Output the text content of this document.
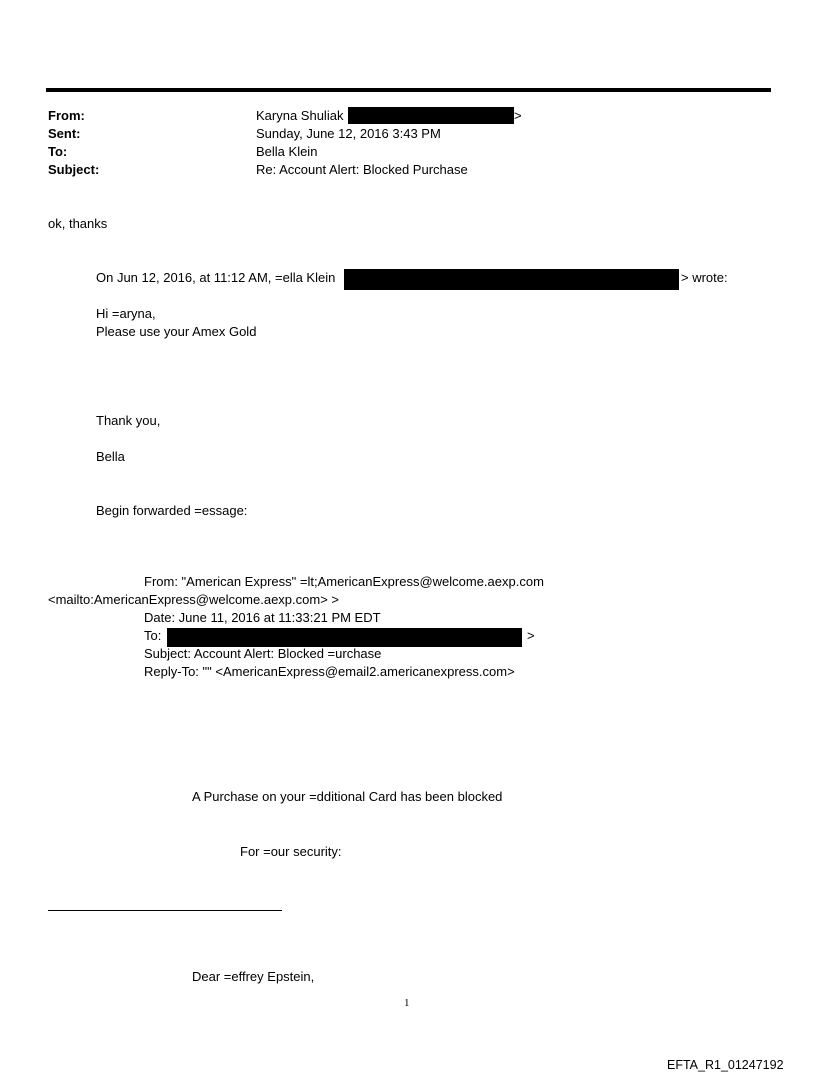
From:	Karyna Shuliak	>
Sent:	Sunday, June 12, 2016 3:43 PM
To:	Bella Klein
Subject:	Re: Account Alert: Blocked Purchase
ok, thanks
On Jun 12, 2016, at 11:12 AM, =ella Klein	> wrote:
Hi =aryna,
Please use your Amex Gold
Thank you,
Bella
Begin forwarded =essage:
From: "American Express" =lt;AmericanExpress@welcome.aexp.com
<mailto:AmericanExpress@welcome.aexp.com> >
Date: June 11, 2016 at 11:33:21 PM EDT
To:	>
Subject: Account Alert: Blocked =urchase
Reply-To: "" <AmericanExpress@email2.americanexpress.com>
A Purchase on your =dditional Card has been blocked
For =our security:
Dear =effrey Epstein,
1
EFTA_R1_01247192
